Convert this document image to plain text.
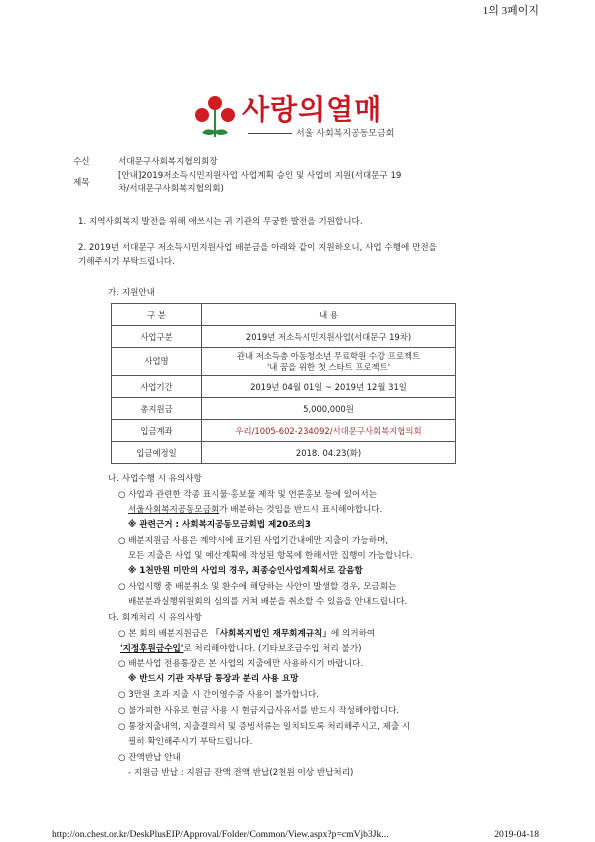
1의 3페이지
사랑의열매
서울 사회복지공동모금회
수신	서대문구사회복지협의회장
제목
[안내]2019저소득시민지원사업 사업계획 승인 및 사업비 지원(서대문구 19
차/서대문구사회복지협의회)
1. 지역사회복지 발전을 위해 애쓰시는 귀 기관의 무궁한 발전을 기원합니다.
2. 2019년 서대문구 저소득시민지원사업 배분금을 아래와 같이 지원하오니, 사업 수행에 만전을
기해주시기 부탁드립니다.
가. 지원안내
구 분	내 용
사업구분	2019년 저소득시민지원사업(서대문구 19차)
사업명	관내 저소득층 아동청소년 무료학원 수강 프로젝트
'내 꿈을 위한 첫 스타트 프로젝트'

사업기간	2019년 04월 01일 ~ 2019년 12월 31일
총지원금	5,000,000원
입금계좌	우리/1005-602-234092/서대문구사회복지협의회
입금예정일	2018. 04.23(화)
나. 사업수행 시 유의사항
○ 사업과 관련한 각종 표시물·홍보물 제작 및 언론홍보 등에 있어서는
서울사회복지공동모금회가 배분하는 것임을 반드시 표시해야합니다.
※ 관련근거 : 사회복지공동모금회법 제20조의3
○ 배분지원금 사용은 계약시에 표기된 사업기간내에만 지출이 가능하며,
모든 지출은 사업 및 예산계획에 작성된 항목에 한해서만 집행이 가능합니다.
※ 1천만원 미만의 사업의 경우, 최종승인사업계획서로 갈음함
○ 사업시행 중 배분취소 및 환수에 해당하는 사안이 발생할 경우, 모금회는
배분분과실행위원회의 심의를 거쳐 배분을 취소할 수 있음을 안내드립니다.
다. 회계처리 시 유의사항
○ 본 회의 배분지원금은 「사회복지법인 재무회계규칙」에 의거하여
'지정후원금수입'로 처리해야합니다. (기타보조금수입 처리 불가)
○ 배분사업 전용통장은 본 사업의 지출에만 사용하시기 바랍니다.
※ 반드시 기관 자부담 통장과 분리 사용 요망
○ 3만원 초과 지출 시 간이영수증 사용이 불가합니다.
○ 불가피한 사유로 현금 사용 시 현금지급사유서를 반드시 작성해야합니다.
○ 통장지출내역, 지출결의서 및 증빙서류는 일치되도록 처리해주시고, 제출 시
필히 확인해주시기 부탁드립니다.
○ 잔액반납 안내
- 지원금 반납 : 지원금 잔액 전액 반납(2천원 이상 반납처리)
http://on.chest.or.kr/DeskPlusEIP/Approval/Folder/Common/View.aspx?p=cmVjb3Jk...	2019-04-18
